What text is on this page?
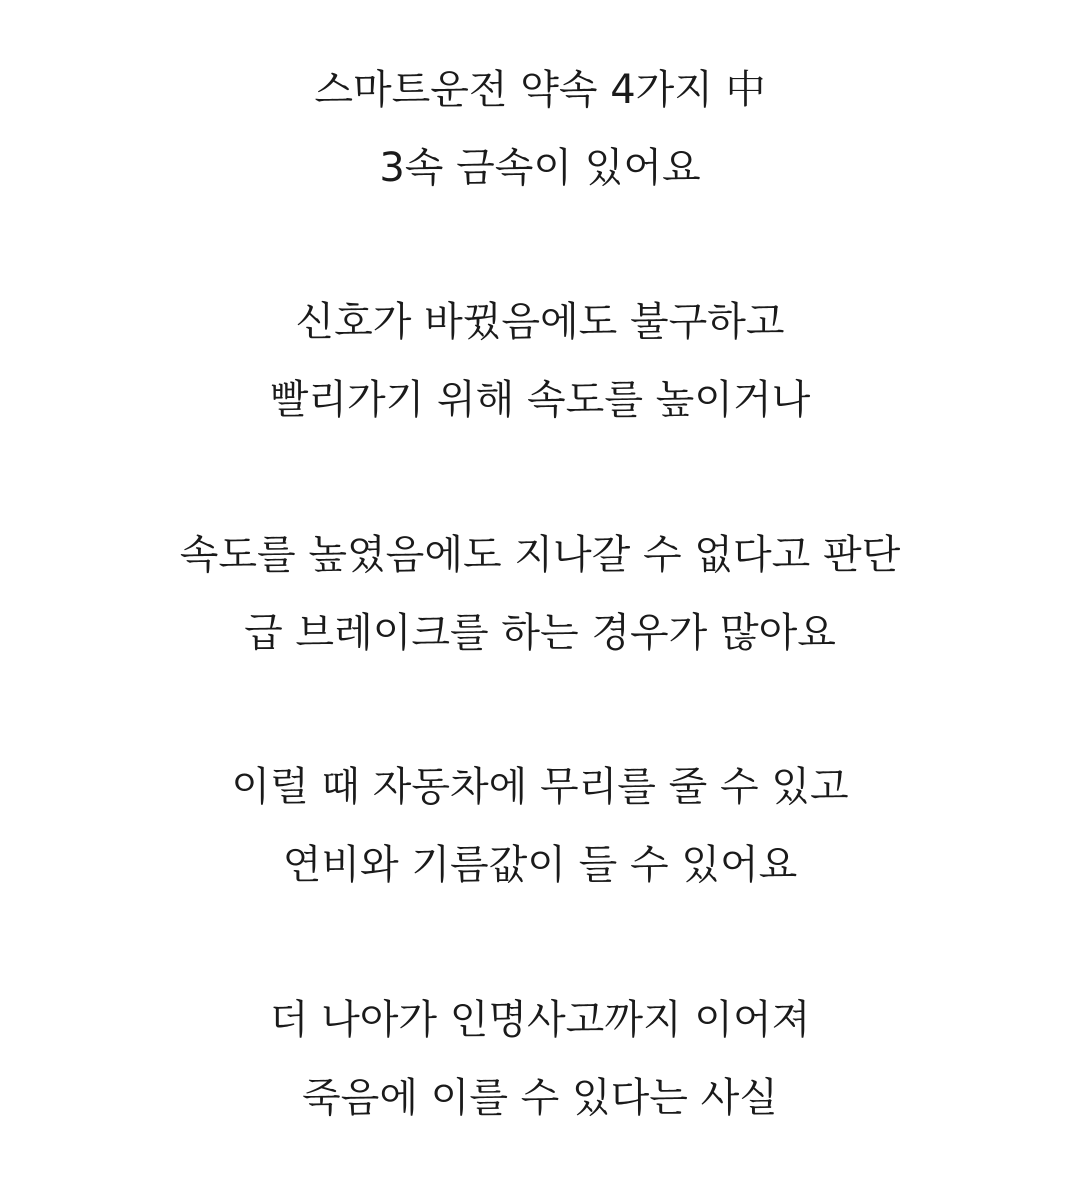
스마트운전 약속 4가지 中
3속 금속이 있어요
신호가 바뀠음에도 불구하고
빨리가기 위해 속도를 높이거나
속도를 높였음에도 지나갈 수 없다고 판단
급 브레이크를 하는 경우가 많아요
이럴 때 자동차에 무리를 줄 수 있고
연비와 기름값이 들 수 있어요
더 나아가 인명사고까지 이어져
죽음에 이를 수 있다는 사실
